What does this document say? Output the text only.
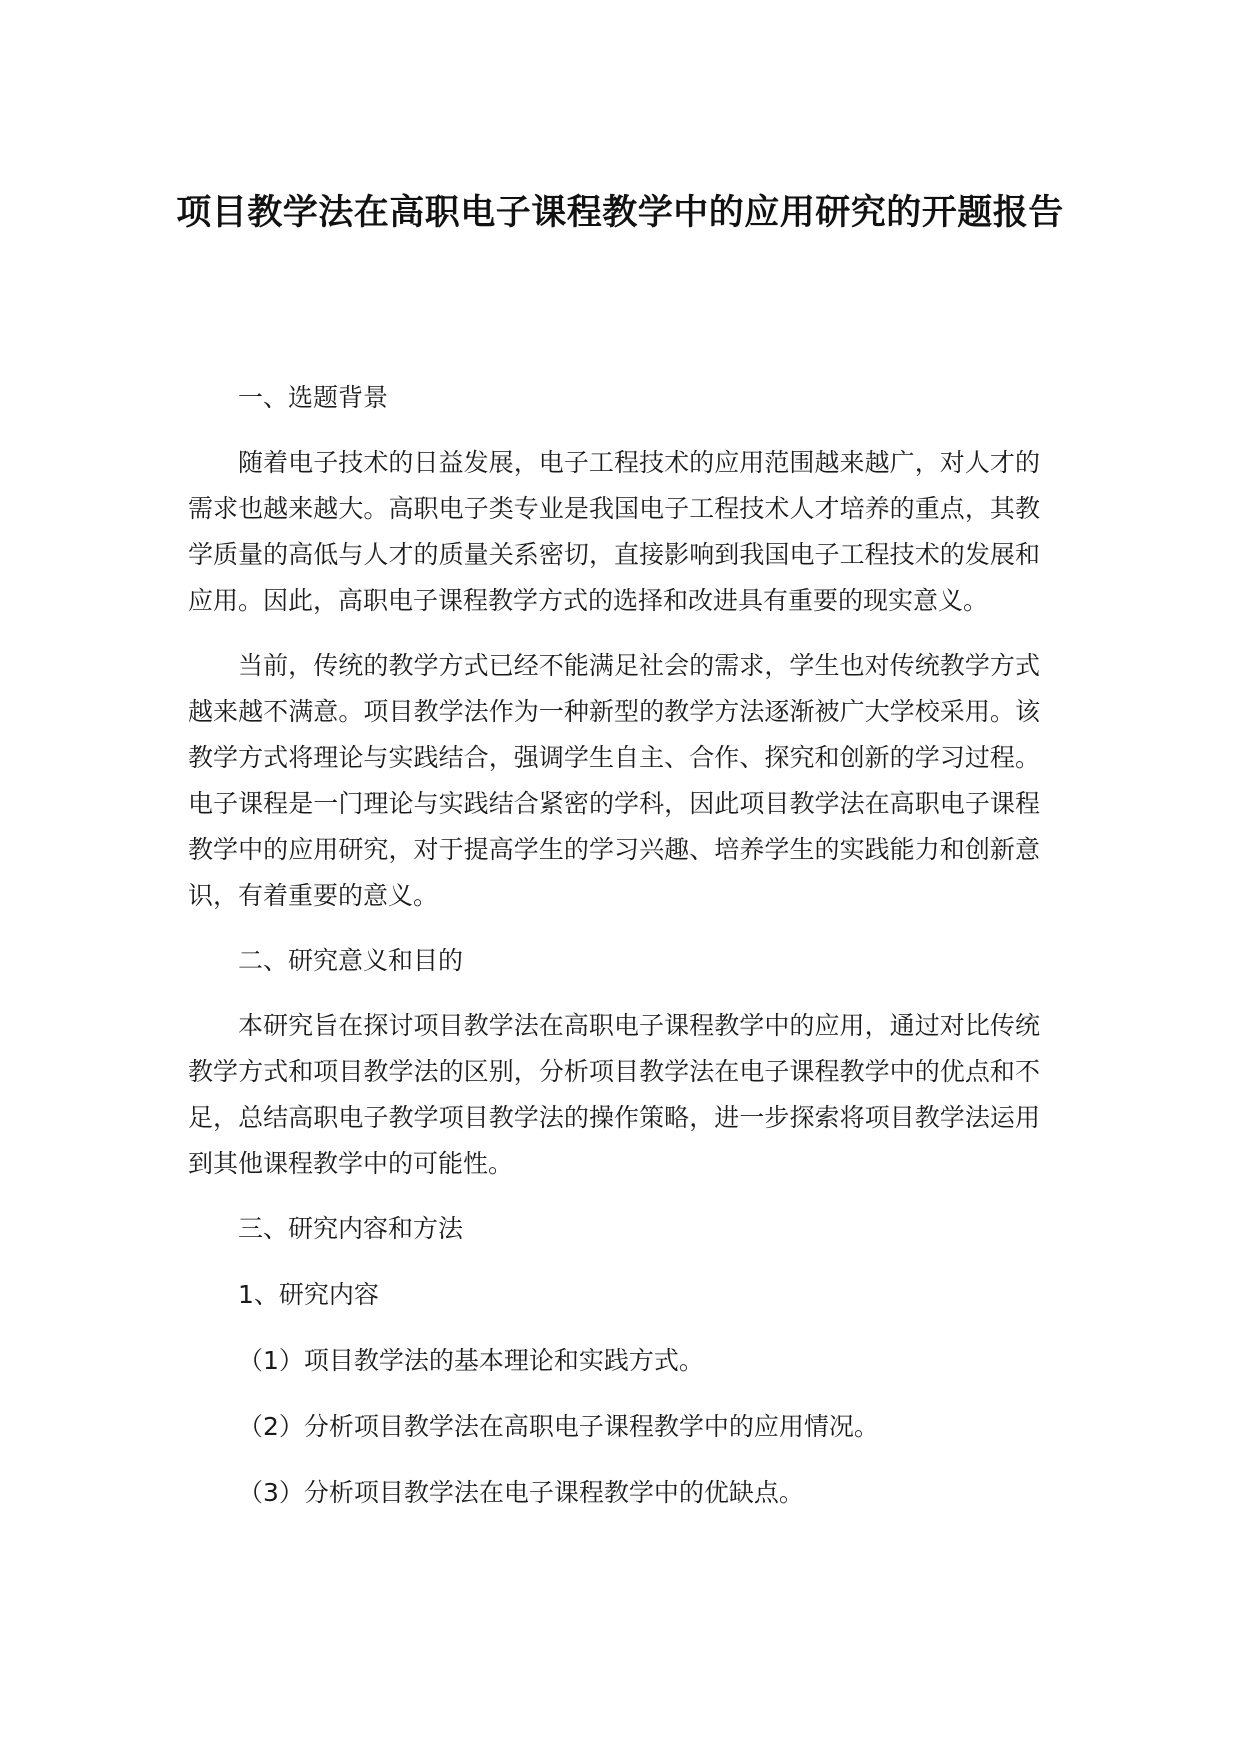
项目教学法在高职电子课程教学中的应用研究的开题报告

一、选题背景

随着电子技术的日益发展，电子工程技术的应用范围越来越广，对人才的需求也越来越大。高职电子类专业是我国电子工程技术人才培养的重点，其教学质量的高低与人才的质量关系密切，直接影响到我国电子工程技术的发展和应用。因此，高职电子课程教学方式的选择和改进具有重要的现实意义。

当前，传统的教学方式已经不能满足社会的需求，学生也对传统教学方式越来越不满意。项目教学法作为一种新型的教学方法逐渐被广大学校采用。该教学方式将理论与实践结合，强调学生自主、合作、探究和创新的学习过程。电子课程是一门理论与实践结合紧密的学科，因此项目教学法在高职电子课程教学中的应用研究，对于提高学生的学习兴趣、培养学生的实践能力和创新意识，有着重要的意义。

二、研究意义和目的

本研究旨在探讨项目教学法在高职电子课程教学中的应用，通过对比传统教学方式和项目教学法的区别，分析项目教学法在电子课程教学中的优点和不足，总结高职电子教学项目教学法的操作策略，进一步探索将项目教学法运用到其他课程教学中的可能性。

三、研究内容和方法

1、研究内容

（1）项目教学法的基本理论和实践方式。

（2）分析项目教学法在高职电子课程教学中的应用情况。

（3）分析项目教学法在电子课程教学中的优缺点。
